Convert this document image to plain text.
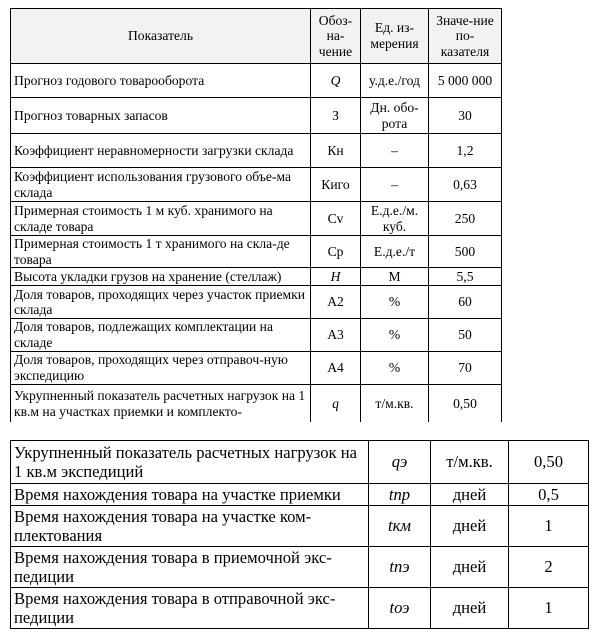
Показатель	Обоз-на-чение	Ед. из-мерения	Значе-ние по-казателя
Прогноз годового товарооборота	Q	у.д.е./год	5 000 000
Прогноз товарных запасов	З	Дн. обо-рота	30
Коэффициент неравномерности загрузки склада	Кн	–	1,2
Коэффициент использования грузового объе-ма склада	Киго	–	0,63
Примерная стоимость 1 м куб. хранимого на складе товара	Cv	Е.д.е./м. куб.	250
Примерная стоимость 1 т хранимого на скла-де товара	Cp	Е.д.е./т	500
Высота укладки грузов на хранение (стеллаж)	H	М	5,5
Доля товаров, проходящих через участок приемки склада	А2	%	60
Доля товаров, подлежащих комплектации на складе	А3	%	50
Доля товаров, проходящих через отправоч-ную экспедицию	А4	%	70
Укрупненный показатель расчетных нагрузок на 1 кв.м на участках приемки и комплекто-	q	т/м.кв.	0,50
Укрупненный показатель расчетных нагрузок на 1 кв.м экспедиций	qэ	т/м.кв.	0,50
Время нахождения товара на участке приемки	tпр	дней	0,5
Время нахождения товара на участке ком-плектования	tкм	дней	1
Время нахождения товара в приемочной экс-педиции	tпэ	дней	2
Время нахождения товара в отправочной экс-педиции	tоэ	дней	1
